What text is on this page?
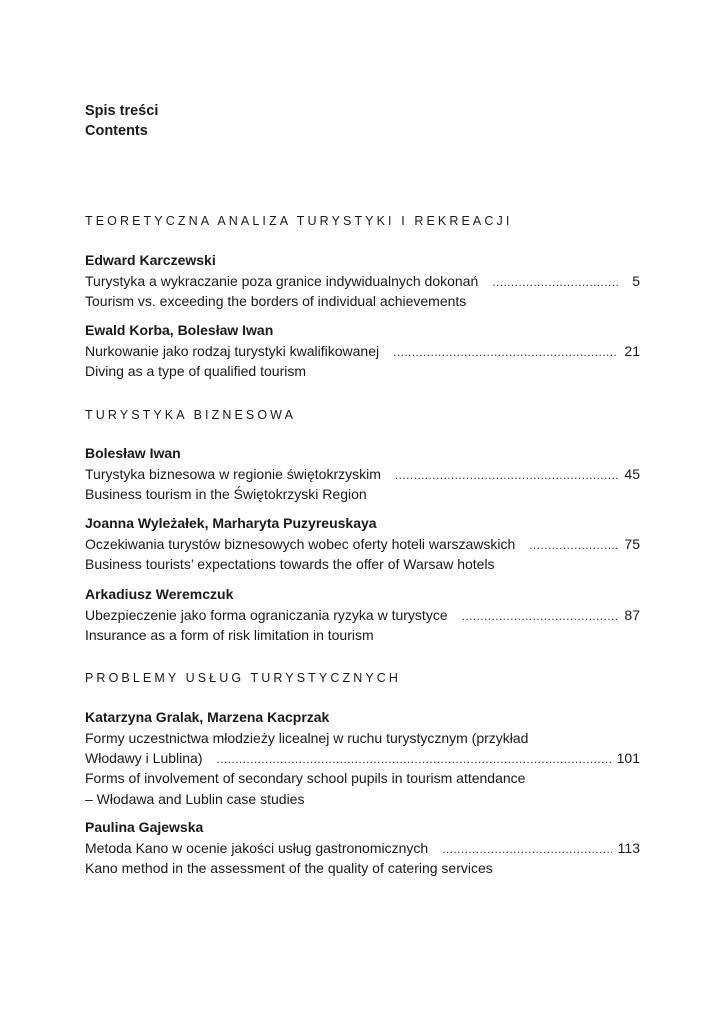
Spis treści
Contents
TEORETYCZNA ANALIZA TURYSTYKI I REKREACJI
Edward Karczewski
Turystyka a wykraczanie poza granice indywidualnych dokonań .....	5
Tourism vs. exceeding the borders of individual achievements
Ewald Korba, Bolesław Iwan
Nurkowanie jako rodzaj turystyki kwalifikowanej .....	21
Diving as a type of qualified tourism
TURYSTYKA BIZNESOWA
Bolesław Iwan
Turystyka biznesowa w regionie świętokrzyskim .....	45
Business tourism in the Świętokrzyski Region
Joanna Wyleżałek, Marharyta Puzyreuskaya
Oczekiwania turystów biznesowych wobec oferty hoteli warszawskich .....	75
Business tourists’ expectations towards the offer of Warsaw hotels
Arkadiusz Weremczuk
Ubezpieczenie jako forma ograniczania ryzyka w turystyce .....	87
Insurance as a form of risk limitation in tourism
PROBLEMY USŁUG TURYSTYCZNYCH
Katarzyna Gralak, Marzena Kacprzak
Formy uczestnictwa młodzieży licealnej w ruchu turystycznym (przykład
Włodawy i Lublina) .....	101
Forms of involvement of secondary school pupils in tourism attendance
– Włodawa and Lublin case studies
Paulina Gajewska
Metoda Kano w ocenie jakości usług gastronomicznych .....	113
Kano method in the assessment of the quality of catering services
